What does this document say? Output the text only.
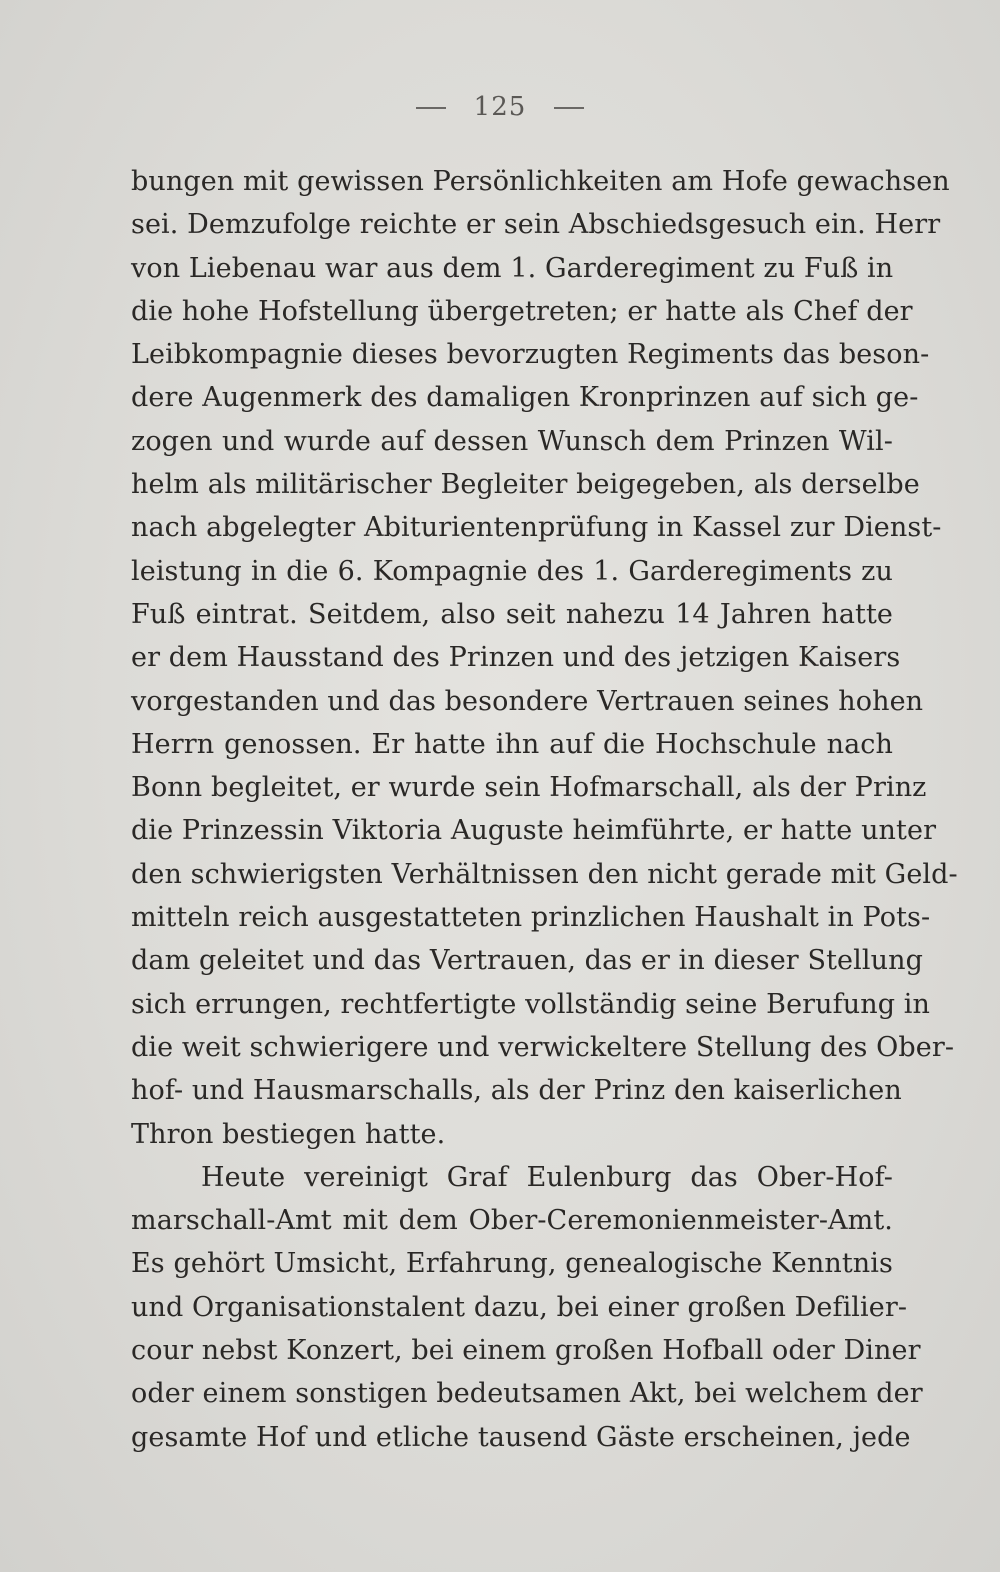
125
bungen mit gewissen Persönlichkeiten am Hofe gewachsen
sei. Demzufolge reichte er sein Abschiedsgesuch ein. Herr
von Liebenau war aus dem 1. Garderegiment zu Fuß in
die hohe Hofstellung übergetreten; er hatte als Chef der
Leibkompagnie dieses bevorzugten Regiments das beson-
dere Augenmerk des damaligen Kronprinzen auf sich ge-
zogen und wurde auf dessen Wunsch dem Prinzen Wil-
helm als militärischer Begleiter beigegeben, als derselbe
nach abgelegter Abiturientenprüfung in Kassel zur Dienst-
leistung in die 6. Kompagnie des 1. Garderegiments zu
Fuß eintrat. Seitdem, also seit nahezu 14 Jahren hatte
er dem Hausstand des Prinzen und des jetzigen Kaisers
vorgestanden und das besondere Vertrauen seines hohen
Herrn genossen. Er hatte ihn auf die Hochschule nach
Bonn begleitet, er wurde sein Hofmarschall, als der Prinz
die Prinzessin Viktoria Auguste heimführte, er hatte unter
den schwierigsten Verhältnissen den nicht gerade mit Geld-
mitteln reich ausgestatteten prinzlichen Haushalt in Pots-
dam geleitet und das Vertrauen, das er in dieser Stellung
sich errungen, rechtfertigte vollständig seine Berufung in
die weit schwierigere und verwickeltere Stellung des Ober-
hof- und Hausmarschalls, als der Prinz den kaiserlichen
Thron bestiegen hatte.
Heute vereinigt Graf Eulenburg das Ober-Hof-
marschall-Amt mit dem Ober-Ceremonienmeister-Amt.
Es gehört Umsicht, Erfahrung, genealogische Kenntnis
und Organisationstalent dazu, bei einer großen Defilier-
cour nebst Konzert, bei einem großen Hofball oder Diner
oder einem sonstigen bedeutsamen Akt, bei welchem der
gesamte Hof und etliche tausend Gäste erscheinen, jede
